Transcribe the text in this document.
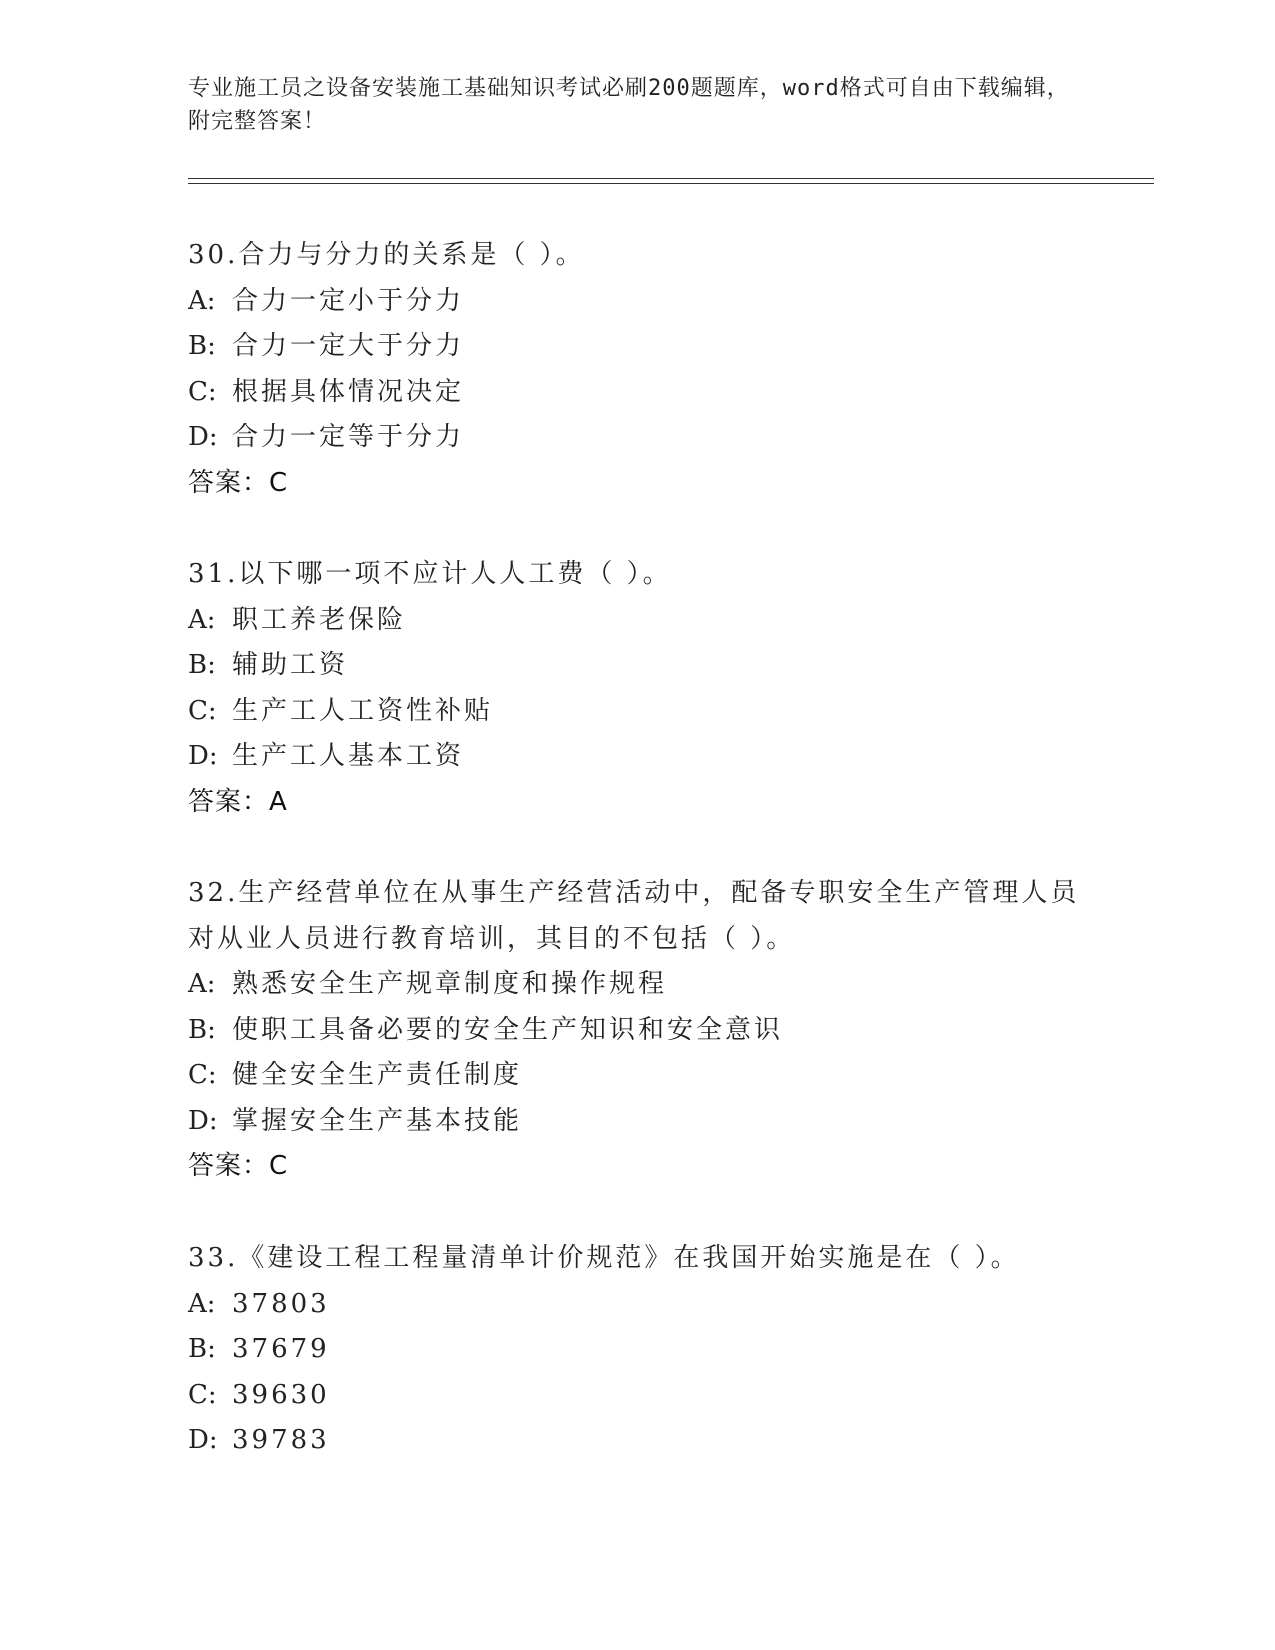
专业施工员之设备安装施工基础知识考试必刷200题题库，word格式可自由下载编辑，附完整答案！
30.合力与分力的关系是（ ）。
A: 合力一定小于分力
B: 合力一定大于分力
C: 根据具体情况决定
D: 合力一定等于分力
答案：C
31.以下哪一项不应计人人工费（ ）。
A: 职工养老保险
B: 辅助工资
C: 生产工人工资性补贴
D: 生产工人基本工资
答案：A
32.生产经营单位在从事生产经营活动中，配备专职安全生产管理人员对从业人员进行教育培训，其目的不包括（ ）。
A: 熟悉安全生产规章制度和操作规程
B: 使职工具备必要的安全生产知识和安全意识
C: 健全安全生产责任制度
D: 掌握安全生产基本技能
答案：C
33.《建设工程工程量清单计价规范》在我国开始实施是在（ ）。
A: 37803
B: 37679
C: 39630
D: 39783
